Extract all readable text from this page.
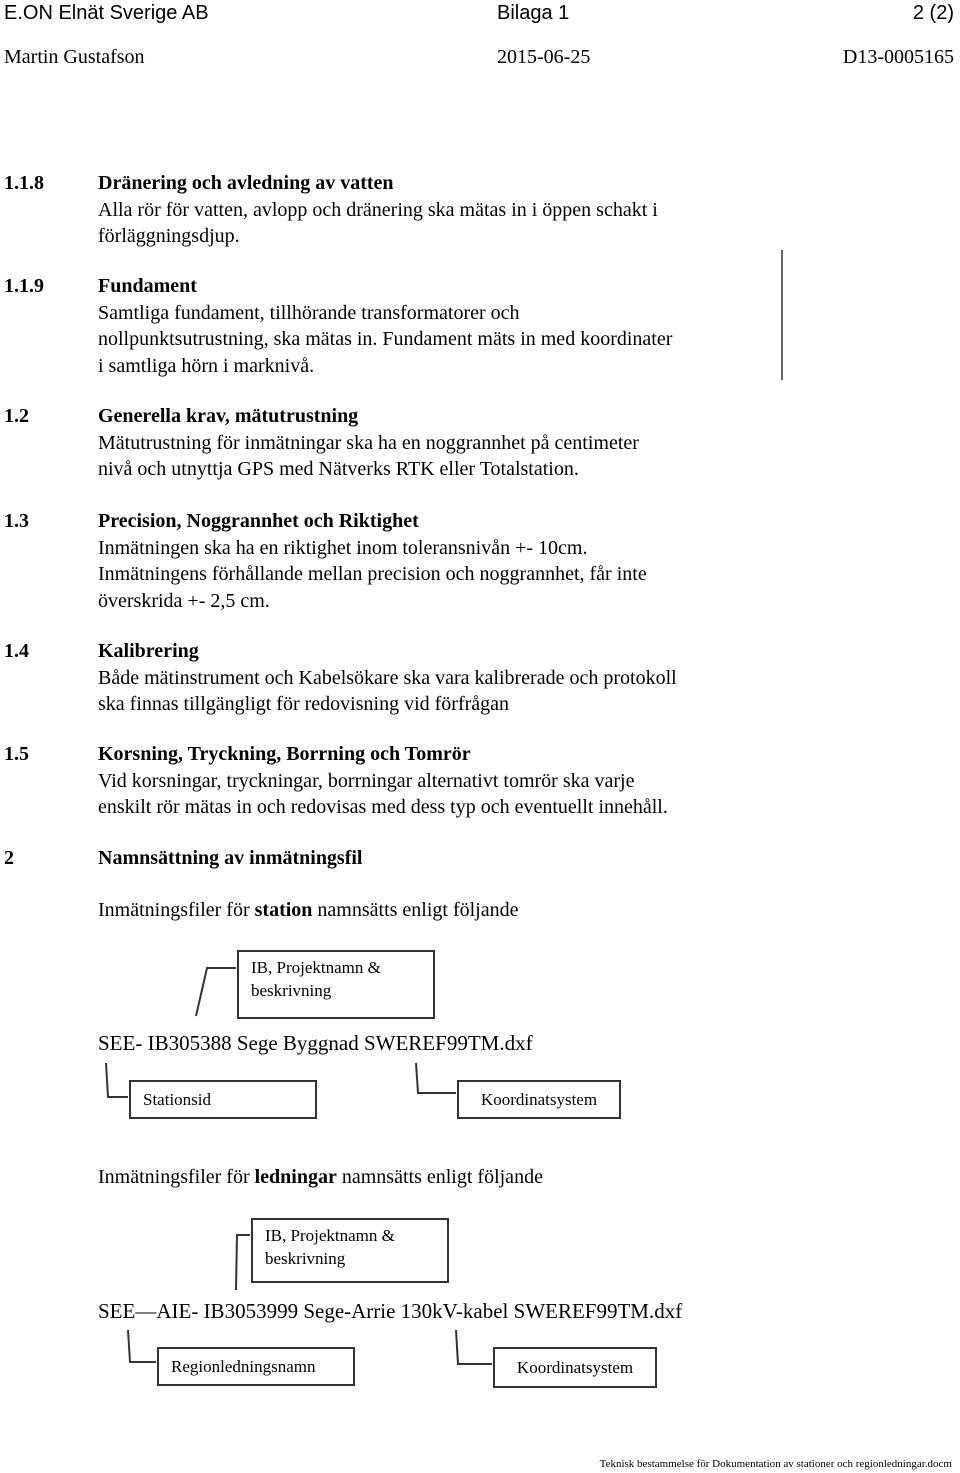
E.ON Elnät Sverige AB	Bilaga 1	2 (2)
Martin Gustafson	2015-06-25	D13-0005165
1.1.8	Dränering och avledning av vatten
Alla rör för vatten, avlopp och dränering ska mätas in i öppen schakt i
förläggningsdjup.
1.1.9	Fundament
Samtliga fundament, tillhörande transformatorer och
nollpunktsutrustning, ska mätas in. Fundament mäts in med koordinater
i samtliga hörn i marknivå.
1.2	Generella krav, mätutrustning
Mätutrustning för inmätningar ska ha en noggrannhet på centimeter
nivå och utnyttja GPS med Nätverks RTK eller Totalstation.
1.3	Precision, Noggrannhet och Riktighet
Inmätningen ska ha en riktighet inom toleransnivån +- 10cm.
Inmätningens förhållande mellan precision och noggrannhet, får inte
överskrida +- 2,5 cm.
1.4	Kalibrering
Både mätinstrument och Kabelsökare ska vara kalibrerade och protokoll
ska finnas tillgängligt för redovisning vid förfrågan
1.5	Korsning, Tryckning, Borrning och Tomrör
Vid korsningar, tryckningar, borrningar alternativt tomrör ska varje
enskilt rör mätas in och redovisas med dess typ och eventuellt innehåll.
2	Namnsättning av inmätningsfil
Inmätningsfiler för station namnsätts enligt följande
IB, Projektnamn & beskrivning
SEE- IB305388 Sege Byggnad SWEREF99TM.dxf
Stationsid	Koordinatsystem
Inmätningsfiler för ledningar namnsätts enligt följande
IB, Projektnamn & beskrivning
SEE—AIE- IB3053999 Sege-Arrie 130kV-kabel SWEREF99TM.dxf
Regionledningsnamn	Koordinatsystem
Teknisk bestammelse för Dokumentation av stationer och regionledningar.docm
